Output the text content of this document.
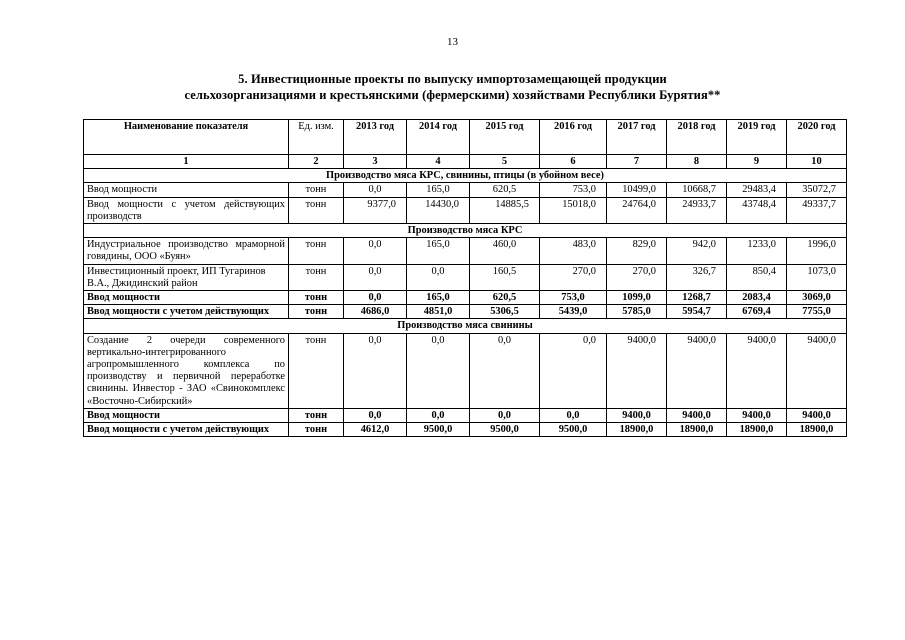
13
5. Инвестиционные проекты по выпуску импортозамещающей продукции
сельхозорганизациями и крестьянскими (фермерскими) хозяйствами Республики Бурятия**
Наименование показателя	Ед. изм.	2013 год	2014 год	2015 год	2016 год	2017 год	2018 год	2019 год	2020 год
1	2	3	4	5	6	7	8	9	10
Производство мяса КРС, свинины, птицы (в убойном весе)									
Ввод мощности	тонн	0,0	165,0	620,5	753,0	10499,0	10668,7	29483,4	35072,7
Ввод мощности с учетом действующих производств	тонн	9377,0	14430,0	14885,5	15018,0	24764,0	24933,7	43748,4	49337,7
Производство мяса КРС									
Индустриальное производство мраморной говядины, ООО «Буян»	тонн	0,0	165,0	460,0	483,0	829,0	942,0	1233,0	1996,0
Инвестиционный проект, ИП Тугаринов В.А., Джидинский район	тонн	0,0	0,0	160,5	270,0	270,0	326,7	850,4	1073,0
Ввод мощности	тонн	0,0	165,0	620,5	753,0	1099,0	1268,7	2083,4	3069,0
Ввод мощности с учетом действующих	тонн	4686,0	4851,0	5306,5	5439,0	5785,0	5954,7	6769,4	7755,0
Производство мяса свинины									
Создание 2 очереди современного вертикально-интегрированного агропромышленного комплекса по производству и первичной переработке свинины. Инвестор - ЗАО «Свинокомплекс «Восточно-Сибирский»	тонн	0,0	0,0	0,0	0,0	9400,0	9400,0	9400,0	9400,0
Ввод мощности	тонн	0,0	0,0	0,0	0,0	9400,0	9400,0	9400,0	9400,0
Ввод мощности с учетом действующих	тонн	4612,0	9500,0	9500,0	9500,0	18900,0	18900,0	18900,0	18900,0
